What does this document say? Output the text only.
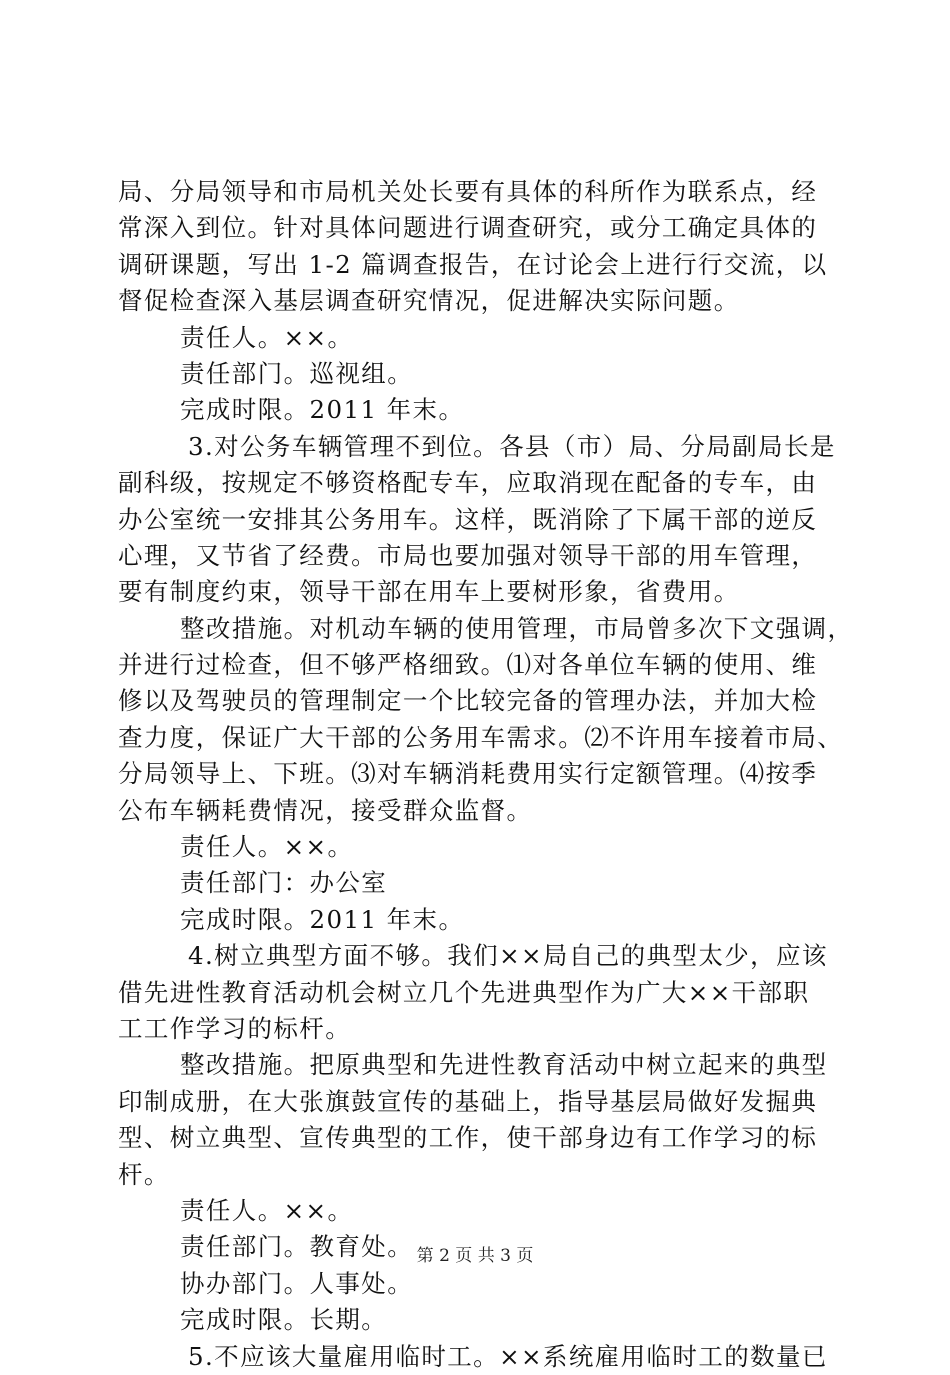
局、分局领导和市局机关处长要有具体的科所作为联系点，经
常深入到位。针对具体问题进行调查研究，或分工确定具体的
调研课题，写出 1-2 篇调查报告，在讨论会上进行行交流，以
督促检查深入基层调查研究情况，促进解决实际问题。
责任人。××。
责任部门。巡视组。
完成时限。2011 年末。
3.对公务车辆管理不到位。各县（市）局、分局副局长是
副科级，按规定不够资格配专车，应取消现在配备的专车，由
办公室统一安排其公务用车。这样，既消除了下属干部的逆反
心理，又节省了经费。市局也要加强对领导干部的用车管理，
要有制度约束，领导干部在用车上要树形象，省费用。
整改措施。对机动车辆的使用管理，市局曾多次下文强调，
并进行过检查，但不够严格细致。⑴对各单位车辆的使用、维
修以及驾驶员的管理制定一个比较完备的管理办法，并加大检
查力度，保证广大干部的公务用车需求。⑵不许用车接着市局、
分局领导上、下班。⑶对车辆消耗费用实行定额管理。⑷按季
公布车辆耗费情况，接受群众监督。
责任人。××。
责任部门：办公室
完成时限。2011 年末。
4.树立典型方面不够。我们××局自己的典型太少，应该
借先进性教育活动机会树立几个先进典型作为广大××干部职
工工作学习的标杆。
整改措施。把原典型和先进性教育活动中树立起来的典型
印制成册，在大张旗鼓宣传的基础上，指导基层局做好发掘典
型、树立典型、宣传典型的工作，使干部身边有工作学习的标
杆。
责任人。××。
责任部门。教育处。
协办部门。人事处。
完成时限。长期。
5.不应该大量雇用临时工。××系统雇用临时工的数量已
第 2 页 共 3 页
